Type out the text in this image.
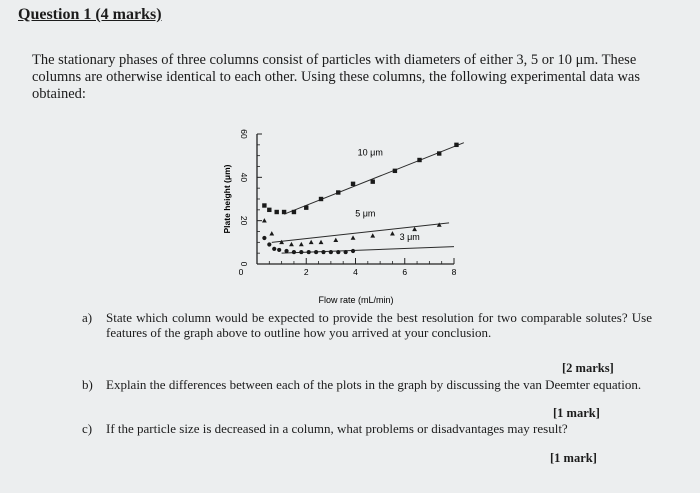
Question 1 (4 marks)
The stationary phases of three columns consist of particles with diameters of either 3, 5 or 10 μm. These columns are otherwise identical to each other. Using these columns, the following experimental data was obtained:
Plate height (μm)
Flow rate (mL/min)
0
20
40
60
2	4	6	8
0
10 μm
5 μm
3 μm
a) State which column would be expected to provide the best resolution for two comparable solutes? Use features of the graph above to outline how you arrived at your conclusion.
[2 marks]
b) Explain the differences between each of the plots in the graph by discussing the van Deemter equation.
[1 mark]
c) If the particle size is decreased in a column, what problems or disadvantages may result?
[1 mark]
